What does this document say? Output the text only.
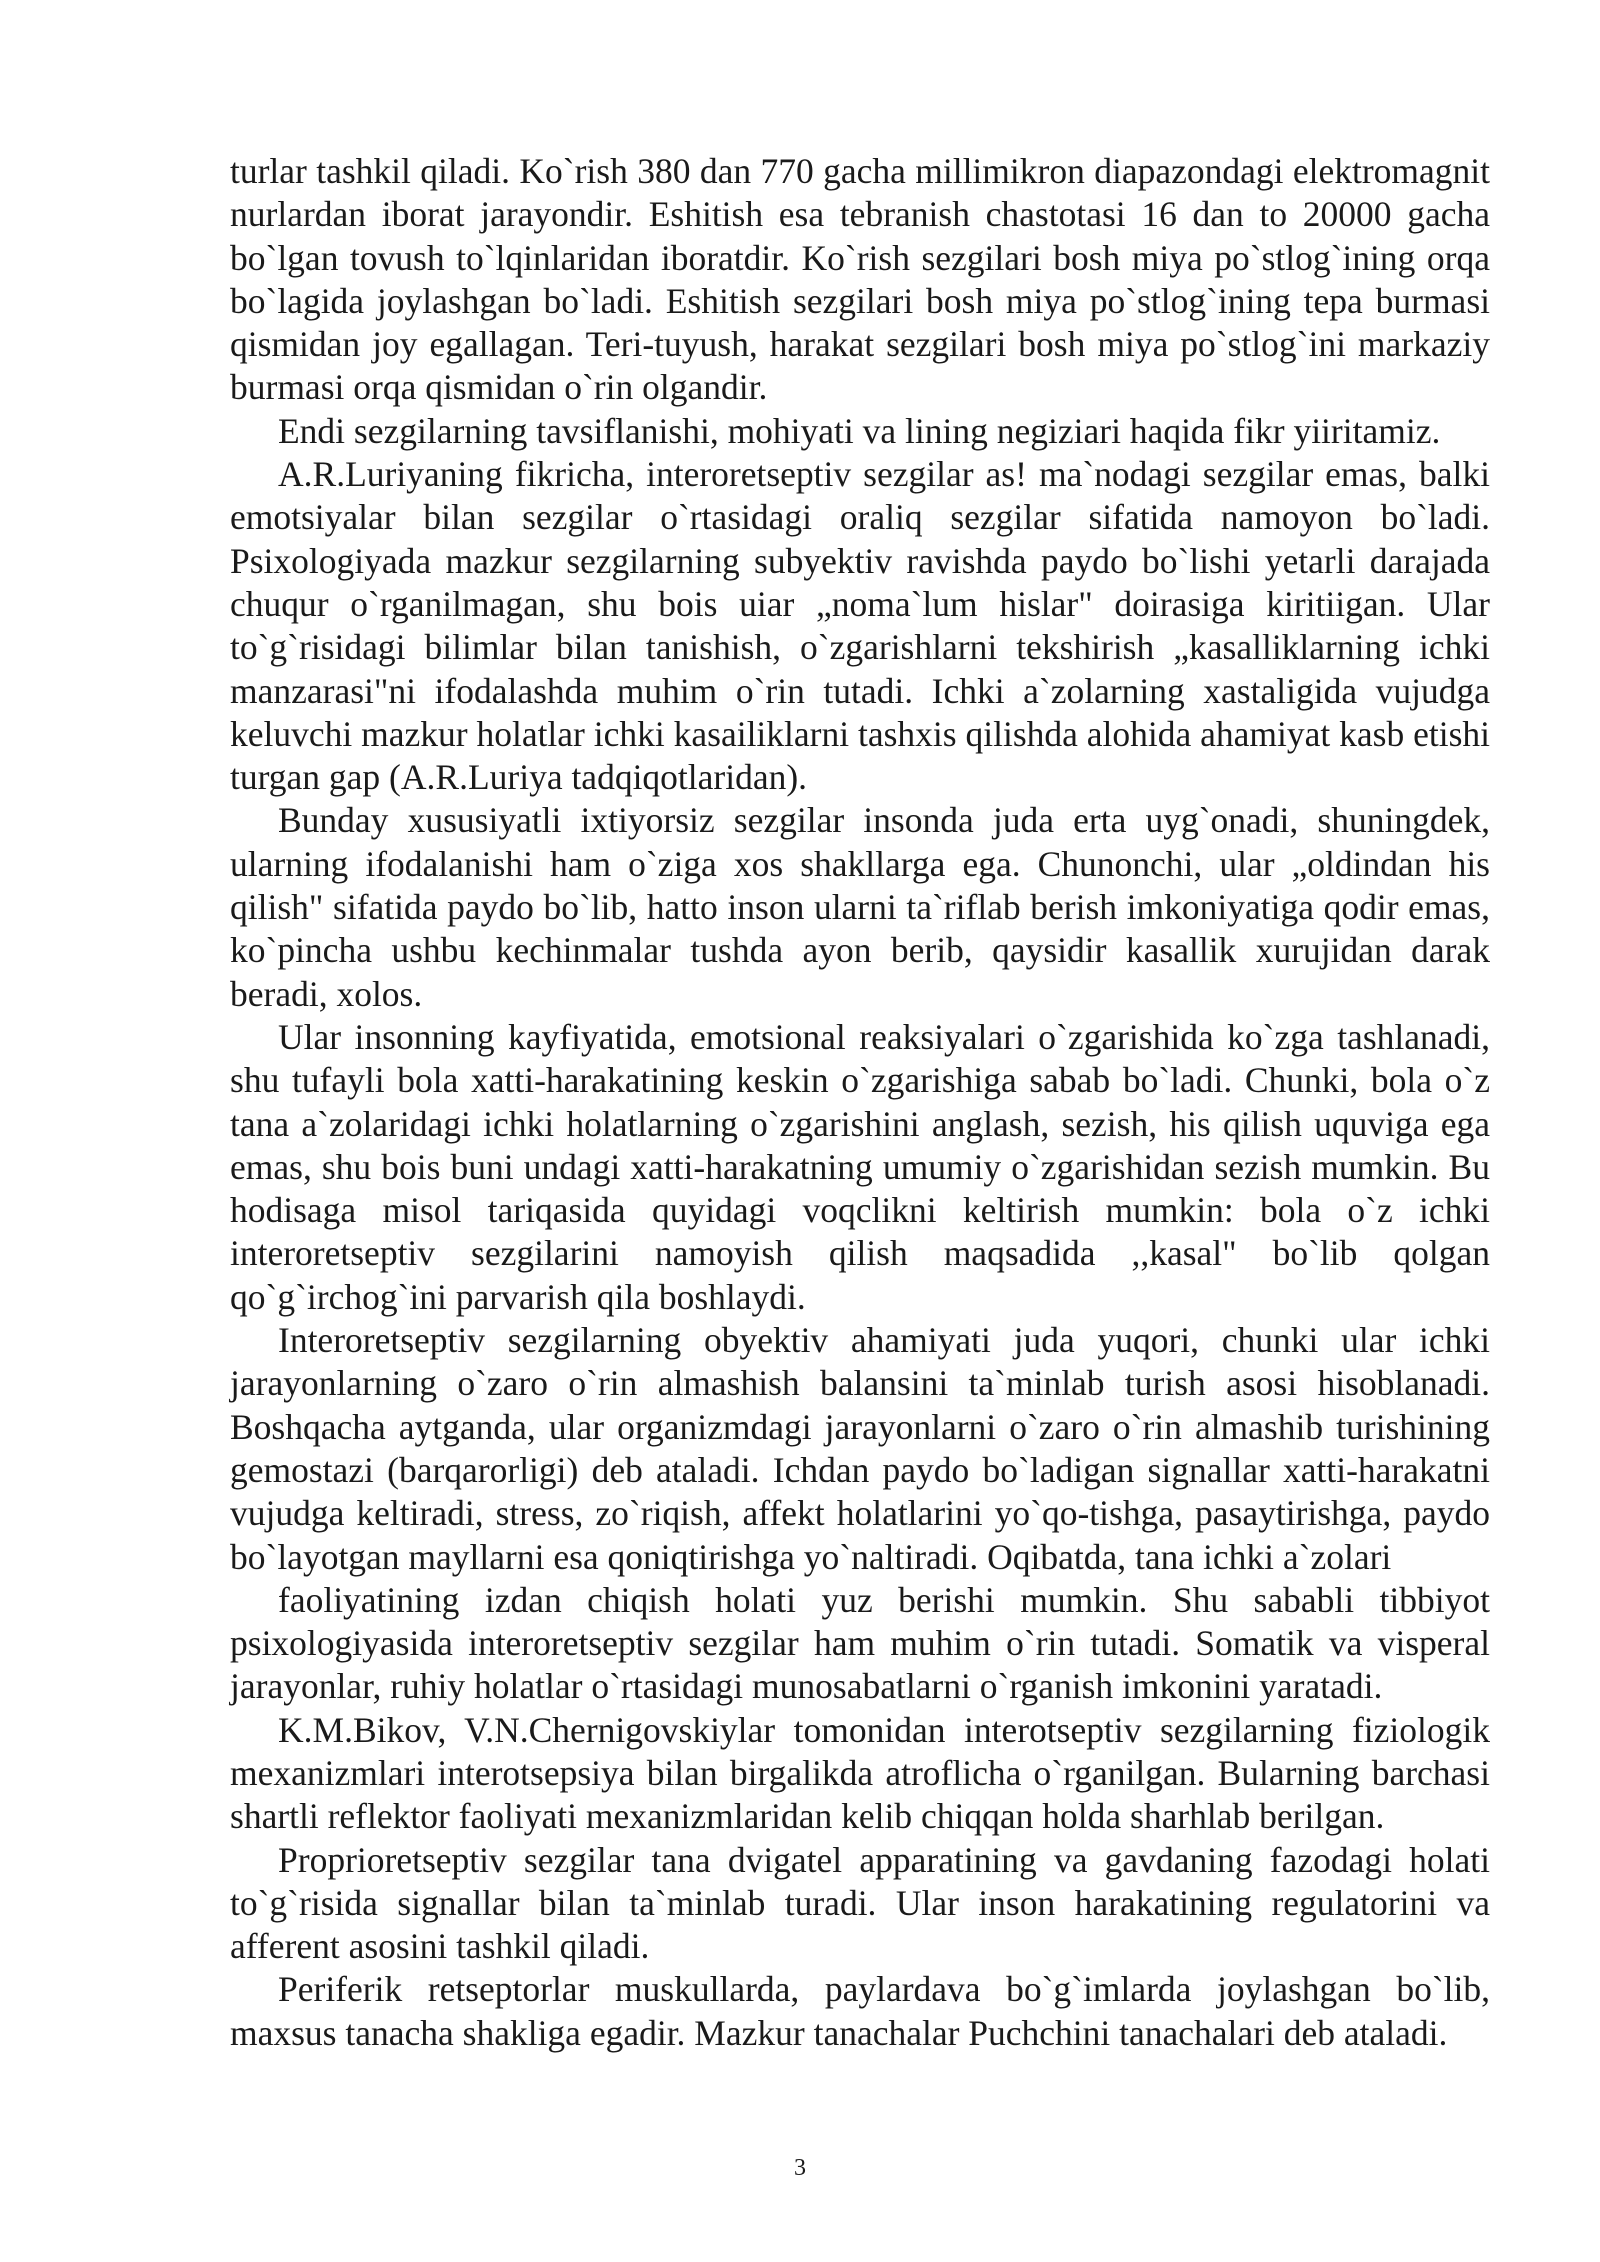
turlar tashkil qiladi. Ko`rish 380 dan 770 gacha millimikron diapazondagi elektromagnit nurlardan iborat jarayondir. Eshitish esa tebranish chastotasi 16 dan to 20000 gacha bo`lgan tovush to`lqinlaridan iboratdir. Ko`rish sezgilari bosh miya po`stlog`ining orqa bo`lagida joylashgan bo`ladi. Eshitish sezgilari bosh miya po`stlog`ining tepa burmasi qismidan joy egallagan. Teri-tuyush, harakat sezgilari bosh miya po`stlog`ini markaziy burmasi orqa qismidan o`rin olgandir.

Endi sezgilarning tavsiflanishi, mohiyati va lining negiziari haqida fikr yiiritamiz.

A.R.Luriyaning fikricha, interoretseptiv sezgilar as! ma`nodagi sezgilar emas, balki emotsiyalar bilan sezgilar o`rtasidagi oraliq sezgilar sifatida namoyon bo`ladi. Psixologiyada mazkur sezgilarning subyektiv ravishda paydo bo`lishi yetarli darajada chuqur o`rganilmagan, shu bois uiar „noma`lum hislar" doirasiga kiritiigan. Ular to`g`risidagi bilimlar bilan tanishish, o`zgarishlarni tekshirish „kasalliklarning ichki manzarasi"ni ifodalashda muhim o`rin tutadi. Ichki a`zolarning xastaligida vujudga keluvchi mazkur holatlar ichki kasailiklarni tashxis qilishda alohida ahamiyat kasb etishi turgan gap (A.R.Luriya tadqiqotlaridan).

Bunday xususiyatli ixtiyorsiz sezgilar insonda juda erta uyg`onadi, shuningdek, ularning ifodalanishi ham o`ziga xos shakllarga ega. Chunonchi, ular „oldindan his qilish" sifatida paydo bo`lib, hatto inson ularni ta`riflab berish imkoniyatiga qodir emas, ko`pincha ushbu kechinmalar tushda ayon berib, qaysidir kasallik xurujidan darak beradi, xolos.

Ular insonning kayfiyatida, emotsional reaksiyalari o`zgarishida ko`zga tashlanadi, shu tufayli bola xatti-harakatining keskin o`zgarishiga sabab bo`ladi. Chunki, bola o`z tana a`zolaridagi ichki holatlarning o`zgarishini anglash, sezish, his qilish uquviga ega emas, shu bois buni undagi xatti-harakatning umumiy o`zgarishidan sezish mumkin. Bu hodisaga misol tariqasida quyidagi voqclikni keltirish mumkin: bola o`z ichki interoretseptiv sezgilarini namoyish qilish maqsadida ,,kasal" bo`lib qolgan qo`g`irchog`ini parvarish qila boshlaydi.

Interoretseptiv sezgilarning obyektiv ahamiyati juda yuqori, chunki ular ichki jarayonlarning o`zaro o`rin almashish balansini ta`minlab turish asosi hisoblanadi. Boshqacha aytganda, ular organizmdagi jarayonlarni o`zaro o`rin almashib turishining gemostazi (barqarorligi) deb ataladi. Ichdan paydo bo`ladigan signallar xatti-harakatni vujudga keltiradi, stress, zo`riqish, affekt holatlarini yo`qo-tishga, pasaytirishga, paydo bo`layotgan mayllarni esa qoniqtirishga yo`naltiradi. Oqibatda, tana ichki a`zolari

faoliyatining izdan chiqish holati yuz berishi mumkin. Shu sababli tibbiyot psixologiyasida interoretseptiv sezgilar ham muhim o`rin tutadi. Somatik va visperal jarayonlar, ruhiy holatlar o`rtasidagi munosabatlarni o`rganish imkonini yaratadi.

K.M.Bikov, V.N.Chernigovskiylar tomonidan interotseptiv sezgilarning fiziologik mexanizmlari interotsepsiya bilan birgalikda atroflicha o`rganilgan. Bularning barchasi shartli reflektor faoliyati mexanizmlaridan kelib chiqqan holda sharhlab berilgan.

Proprioretseptiv sezgilar tana dvigatel apparatining va gavdaning fazodagi holati to`g`risida signallar bilan ta`minlab turadi. Ular inson harakatining regulatorini va afferent asosini tashkil qiladi.

Periferik retseptorlar muskullarda, paylardava bo`g`imlarda joylashgan bo`lib, maxsus tanacha shakliga egadir. Mazkur tanachalar Puchchini tanachalari deb ataladi.

3
